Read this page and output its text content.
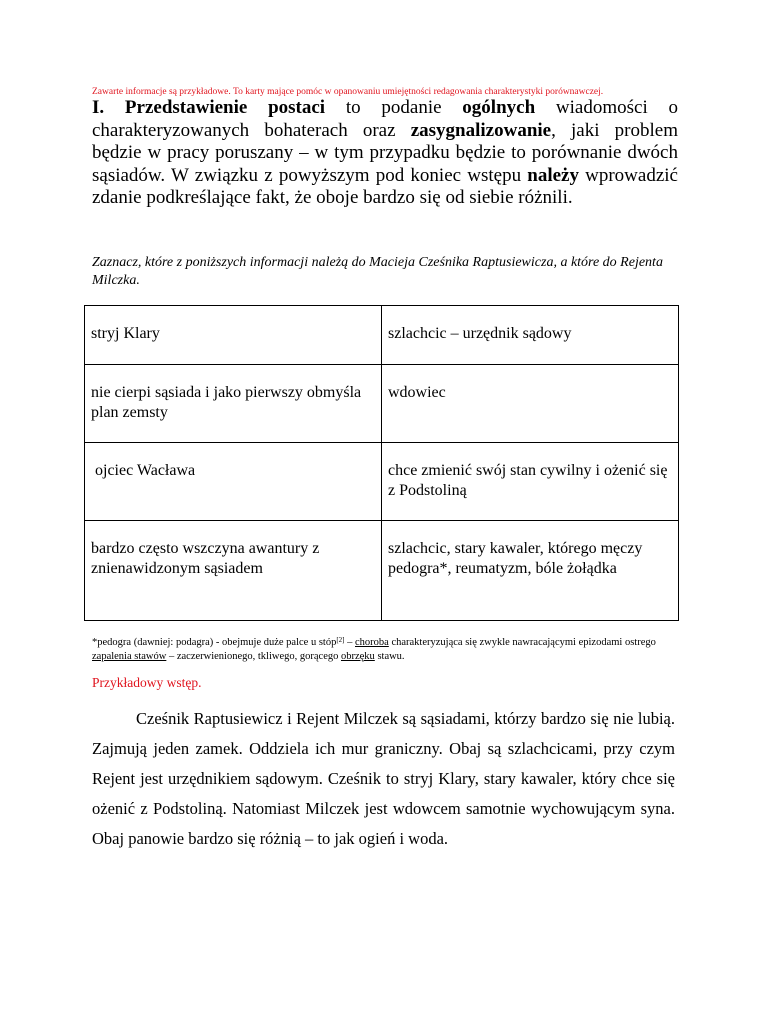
Zawarte informacje są przykładowe. To karty mające pomóc w opanowaniu umiejętności redagowania charakterystyki porównawczej.
I. Przedstawienie postaci to podanie ogólnych wiadomości o charakteryzowanych bohaterach oraz zasygnalizowanie, jaki problem będzie w pracy poruszany – w tym przypadku będzie to porównanie dwóch sąsiadów. W związku z powyższym pod koniec wstępu należy wprowadzić zdanie podkreślające fakt, że oboje bardzo się od siebie różnili.
Zaznacz, które z poniższych informacji należą do Macieja Cześnika Raptusiewicza, a które do Rejenta Milczka.
stryj Klary	szlachcic – urzędnik sądowy
nie cierpi sąsiada i jako pierwszy obmyśla plan zemsty	wdowiec
ojciec Wacława	chce zmienić swój stan cywilny i ożenić się z Podstoliną
bardzo często wszczyna awantury z znienawidzonym sąsiadem	szlachcic, stary kawaler, którego męczy pedogra*, reumatyzm, bóle żołądka
*pedogra (dawniej: podagra) - obejmuje duże palce u stóp[2] – choroba charakteryzująca się zwykle nawracającymi epizodami ostrego zapalenia stawów – zaczerwienionego, tkliwego, gorącego obrzęku stawu.
Przykładowy wstęp.
Cześnik Raptusiewicz i Rejent Milczek są sąsiadami, którzy bardzo się nie lubią. Zajmują jeden zamek. Oddziela ich mur graniczny. Obaj są szlachcicami, przy czym Rejent jest urzędnikiem sądowym. Cześnik to stryj Klary, stary kawaler, który chce się ożenić z Podstoliną. Natomiast Milczek jest wdowcem samotnie wychowującym syna. Obaj panowie bardzo się różnią – to jak ogień i woda.
